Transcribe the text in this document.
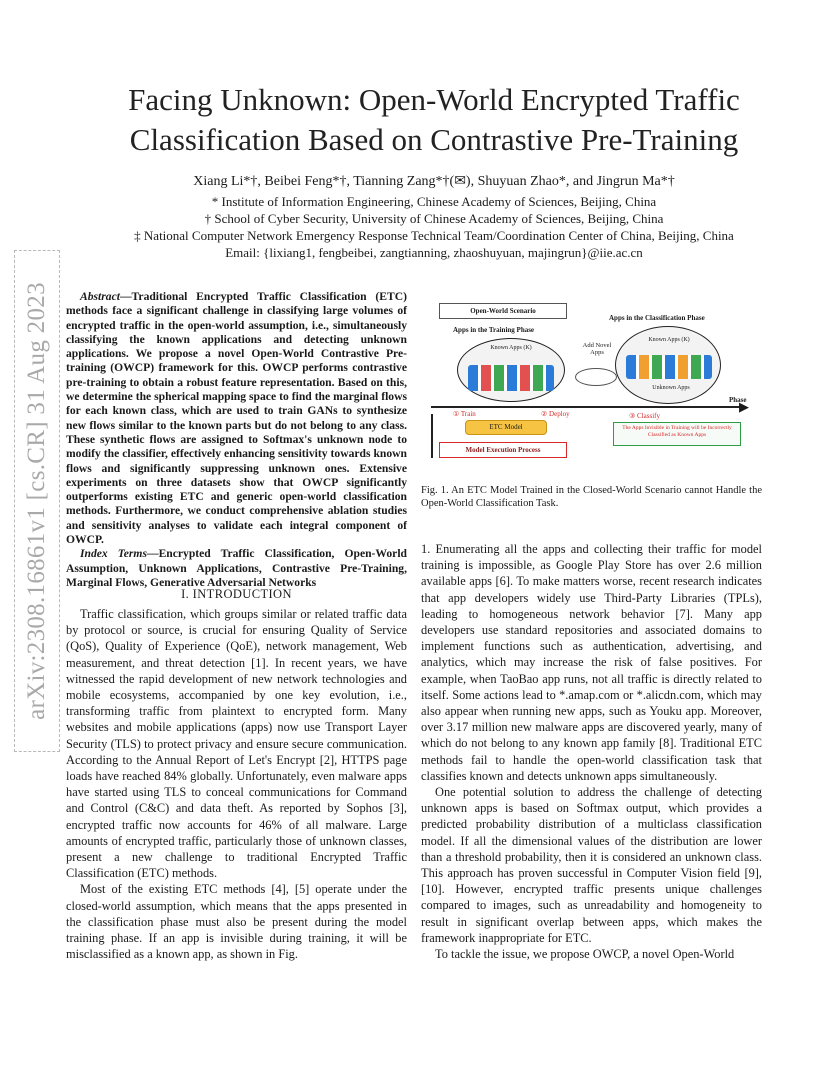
arXiv:2308.16861v1 [cs.CR] 31 Aug 2023
Facing Unknown: Open-World Encrypted Traffic Classification Based on Contrastive Pre-Training
Xiang Li*†, Beibei Feng*†, Tianning Zang*†(✉), Shuyuan Zhao*, and Jingrun Ma*†
* Institute of Information Engineering, Chinese Academy of Sciences, Beijing, China
† School of Cyber Security, University of Chinese Academy of Sciences, Beijing, China
‡ National Computer Network Emergency Response Technical Team/Coordination Center of China, Beijing, China
Email: {lixiang1, fengbeibei, zangtianning, zhaoshuyuan, majingrun}@iie.ac.cn

Abstract—Traditional Encrypted Traffic Classification (ETC) methods face a significant challenge in classifying large volumes of encrypted traffic in the open-world assumption, i.e., simultaneously classifying the known applications and detecting unknown applications. We propose a novel Open-World Contrastive Pre-training (OWCP) framework for this. OWCP performs contrastive pre-training to obtain a robust feature representation. Based on this, we determine the spherical mapping space to find the marginal flows for each known class, which are used to train GANs to synthesize new flows similar to the known parts but do not belong to any class. These synthetic flows are assigned to Softmax's unknown node to modify the classifier, effectively enhancing sensitivity towards known flows and significantly suppressing unknown ones. Extensive experiments on three datasets show that OWCP significantly outperforms existing ETC and generic open-world classification methods. Furthermore, we conduct comprehensive ablation studies and sensitivity analyses to validate each integral component of OWCP.

Index Terms—Encrypted Traffic Classification, Open-World Assumption, Unknown Applications, Contrastive Pre-Training, Marginal Flows, Generative Adversarial Networks

I. INTRODUCTION

Traffic classification, which groups similar or related traffic data by protocol or source, is crucial for ensuring Quality of Service (QoS), Quality of Experience (QoE), network management, Web measurement, and threat detection [1]. In recent years, we have witnessed the rapid development of new network technologies and mobile ecosystems, accompanied by one key evolution, i.e., transforming traffic from plaintext to encrypted form. Many websites and mobile applications (apps) now use Transport Layer Security (TLS) to protect privacy and ensure secure communication. According to the Annual Report of Let's Encrypt [2], HTTPS page loads have reached 84% globally. Unfortunately, even malware apps have started using TLS to conceal communications for Command and Control (C&C) and data theft. As reported by Sophos [3], encrypted traffic now accounts for 46% of all malware. Large amounts of encrypted traffic, particularly those of unknown classes, present a new challenge to traditional Encrypted Traffic Classification (ETC) methods.

Most of the existing ETC methods [4], [5] operate under the closed-world assumption, which means that the apps presented in the classification phase must also be present during the model training phase. If an app is invisible during training, it will be misclassified as a known app, as shown in Fig.

Open-World Scenario
Apps in the Training Phase
Apps in the Classification Phase
Known Apps (K)	Add Novel Apps
Known Apps (K)
Unknown Apps
▶
Phase
① Train	② Deploy	③ Classify
ETC Model	The Apps Invisible in Training will be Incorrectly Classified as Known Apps
Model Execution Process
Fig. 1. An ETC Model Trained in the Closed-World Scenario cannot Handle the Open-World Classification Task.

1. Enumerating all the apps and collecting their traffic for model training is impossible, as Google Play Store has over 2.6 million available apps [6]. To make matters worse, recent research indicates that app developers widely use Third-Party Libraries (TPLs), leading to homogeneous network behavior [7]. Many app developers use standard repositories and associated domains to implement functions such as authentication, advertising, and analytics, which may increase the risk of false positives. For example, when TaoBao app runs, not all traffic is directly related to itself. Some actions lead to *.amap.com or *.alicdn.com, which may also appear when running new apps, such as Youku app. Moreover, over 3.17 million new malware apps are discovered yearly, many of which do not belong to any known app family [8]. Traditional ETC methods fail to handle the open-world classification task that classifies known and detects unknown apps simultaneously.

One potential solution to address the challenge of detecting unknown apps is based on Softmax output, which provides a predicted probability distribution of a multiclass classification model. If all the dimensional values of the distribution are lower than a threshold probability, then it is considered an unknown class. This approach has proven successful in Computer Vision field [9], [10]. However, encrypted traffic presents unique challenges compared to images, such as unreadability and homogeneity to result in significant overlap between apps, which makes the framework inappropriate for ETC.

To tackle the issue, we propose OWCP, a novel Open-World
